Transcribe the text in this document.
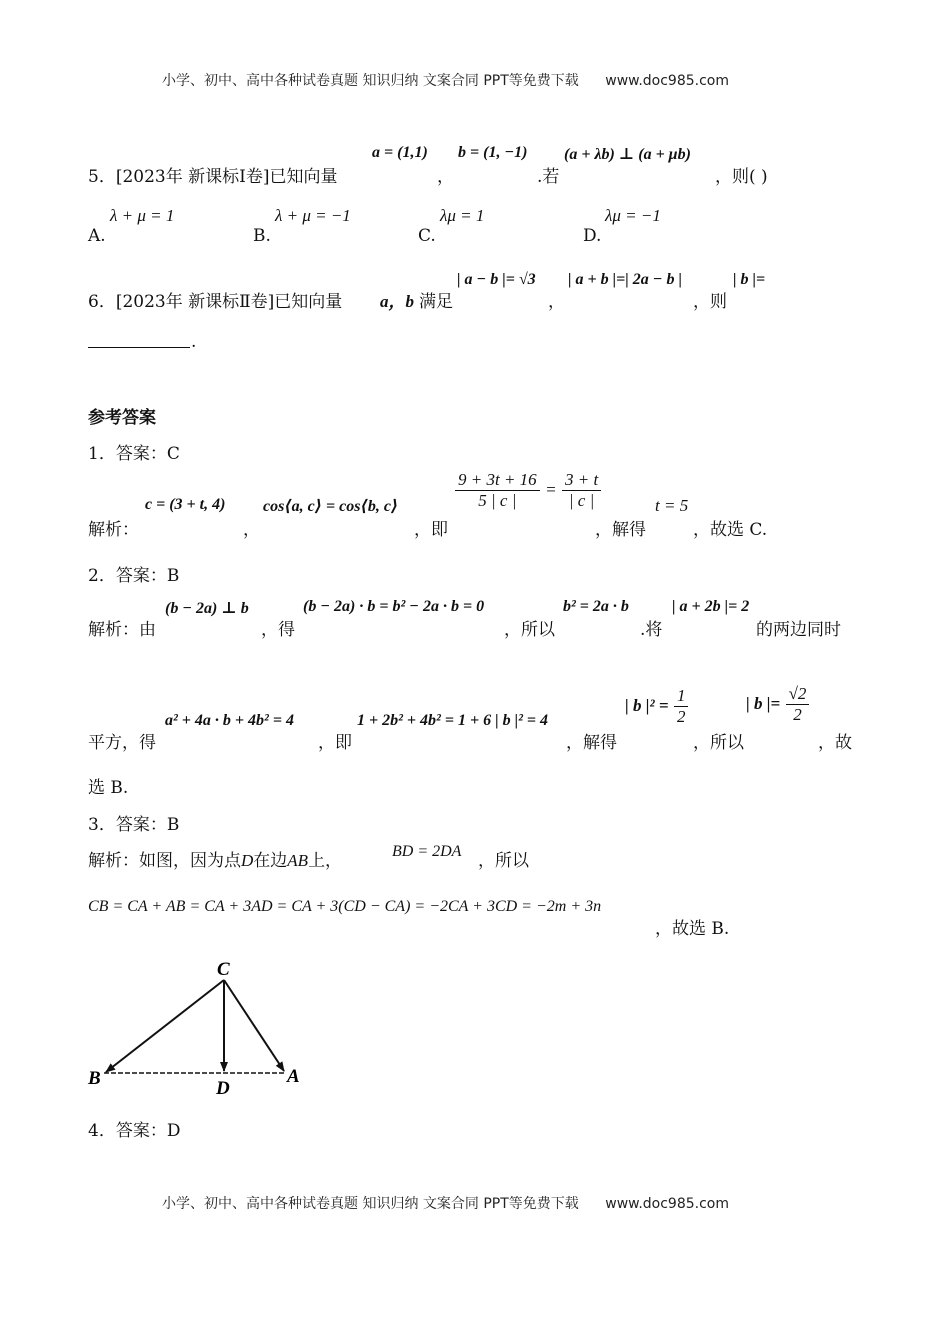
小学、初中、高中各种试卷真题 知识归纳 文案合同 PPT等免费下载 www.doc985.com
5．[2023年 新课标Ⅰ卷]已知向量
a = (1,1)
，
b = (1, −1)
.若
(a + λb) ⊥ (a + μb)
，则( )
A.
λ + μ = 1
B.
λ + μ = −1
C.
λμ = 1
D.
λμ = −1
6．[2023年 新课标Ⅱ卷]已知向量 a，b 满足
| a − b |= √3
，
| a + b |=| 2a − b |
，则
| b |=
.
参考答案
1．答案：C
解析：
c = (3 + t, 4)
，
cos⟨a, c⟩ = cos⟨b, c⟩
，即
$\frac{9 + 3t + 16}{5 | c |} = \frac{3 + t}{| c |}$
，解得
t = 5
，故选 C.
2．答案：B
解析：由
(b − 2a) ⊥ b
，得
(b − 2a) · b = b² − 2a · b = 0
，所以
b² = 2a · b
.将
| a + 2b |= 2
的两边同时
平方，得
a² + 4a · b + 4b² = 4
，即
1 + 2b² + 4b² = 1 + 6 | b |² = 4
，解得
| b $|^2 = \frac{1}{2}$
，所以
| b |= $\frac{√2}{2}$
，故
选 B.
3．答案：B
解析：如图，因为点D在边AB上，	BD = 2DA ，所以
CB = CA + AB = CA + 3AD = CA + 3(CD − CA) = −2CA + 3CD = −2m + 3n
，故选 B.
C
B	D
A
4．答案：D
小学、初中、高中各种试卷真题 知识归纳 文案合同 PPT等免费下载 www.doc985.com
